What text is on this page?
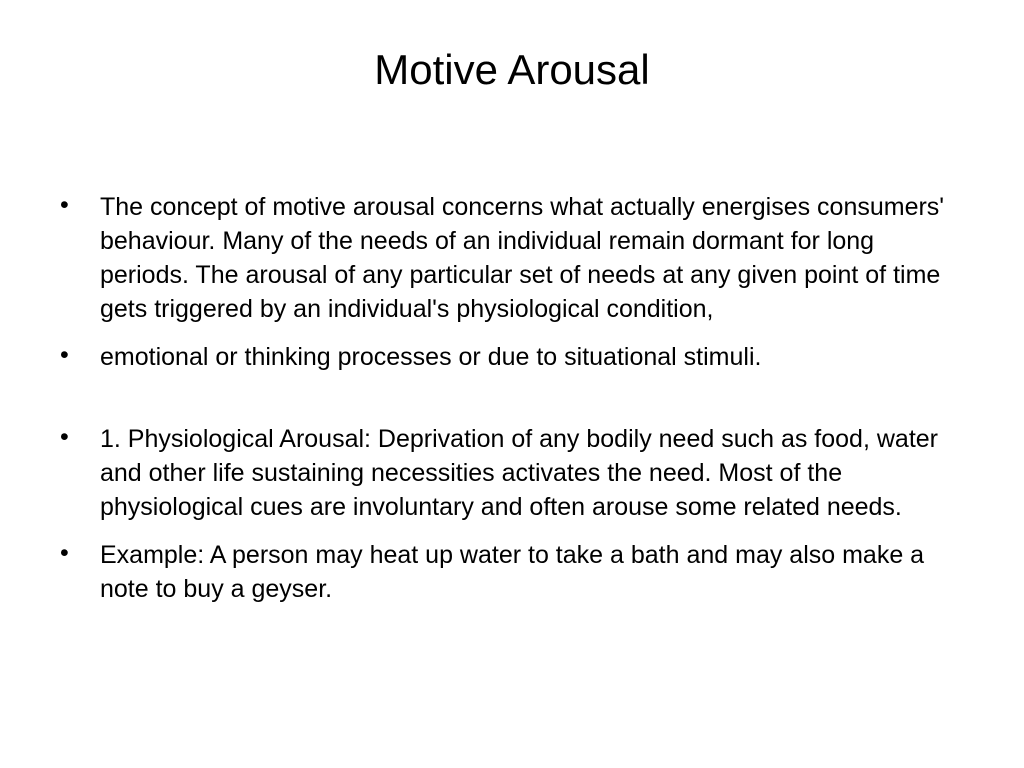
Motive Arousal
•	The concept of motive arousal concerns what actually energises consumers' behaviour. Many of the needs of an individual remain dormant for long periods. The arousal of any particular set of needs at any given point of time gets triggered by an individual's physiological condition,
•	emotional or thinking processes or due to situational stimuli.
•	1. Physiological Arousal: Deprivation of any bodily need such as food, water and other life sustaining necessities activates the need. Most of the physiological cues are involuntary and often arouse some related needs.
•	Example: A person may heat up water to take a bath and may also make a note to buy a geyser.
